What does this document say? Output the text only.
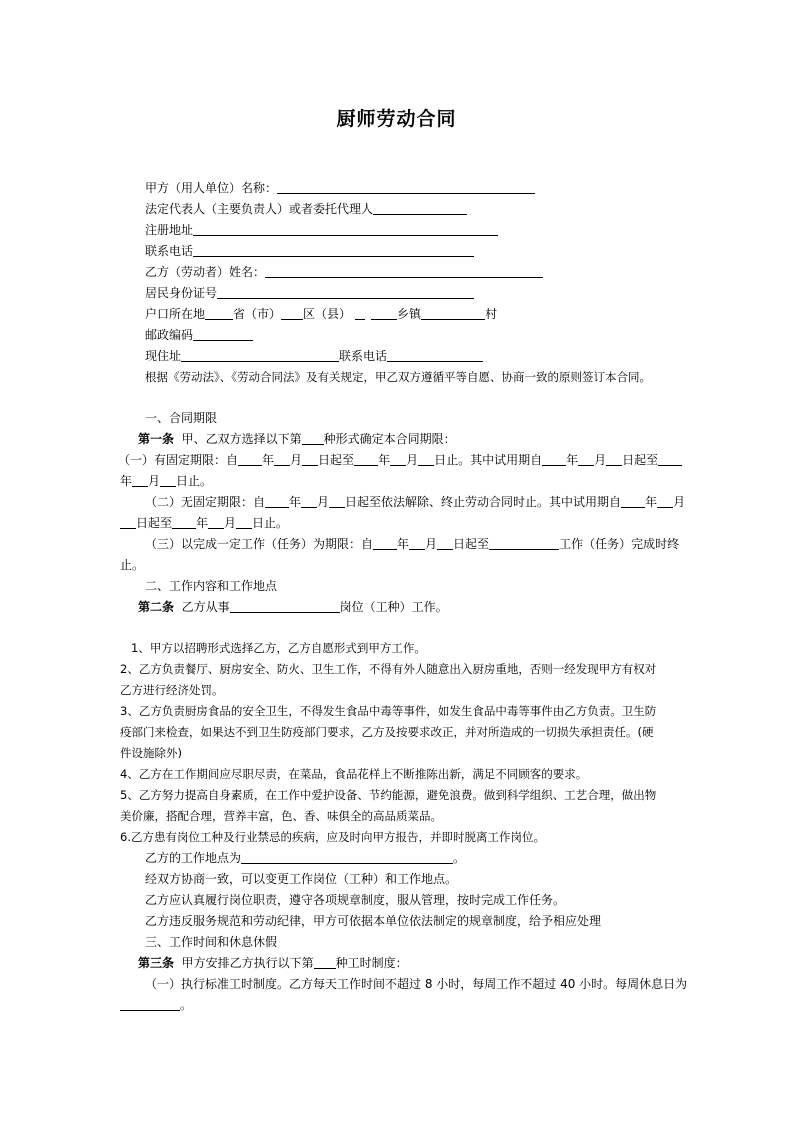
厨师劳动合同
甲方（用人单位）名称：
法定代表人（主要负责人）或者委托代理人
注册地址
联系电话
乙方（劳动者）姓名：
居民身份证号
户口所在地 省（市） 区（县）	乡镇	村
邮政编码
现住址	联系电话
根据《劳动法》、《劳动合同法》及有关规定，甲乙双方遵循平等自愿、协商一致的原则签订本合同。
一、合同期限
第一条 甲、乙双方选择以下第 种形式确定本合同期限：
（一）有固定期限：自 年 月 日起至 年 月 日止。其中试用期自 年 月 日起至
年 月 日止。
（二）无固定期限：自 年 月 日起至依法解除、终止劳动合同时止。其中试用期自 年 月
日起至 年 月 日止。
（三）以完成一定工作（任务）为期限：自 年 月 日起至	工作（任务）完成时终
止。
二、工作内容和工作地点
第二条 乙方从事	岗位（工种）工作。
1、甲方以招聘形式选择乙方，乙方自愿形式到甲方工作。
2、乙方负责餐厅、厨房安全、防火、卫生工作，不得有外人随意出入厨房重地，否则一经发现甲方有权对
乙方进行经济处罚。
3、乙方负责厨房食品的安全卫生，不得发生食品中毒等事件，如发生食品中毒等事件由乙方负责。卫生防
疫部门来检查，如果达不到卫生防疫部门要求，乙方及按要求改正，并对所造成的一切损失承担责任。(硬
件设施除外)
4、乙方在工作期间应尽职尽责，在菜品，食品花样上不断推陈出新，满足不同顾客的要求。
5、乙方努力提高自身素质，在工作中爱护设备、节约能源，避免浪费。做到科学组织、工艺合理，做出物
美价廉，搭配合理，营养丰富，色、香、味俱全的高品质菜品。
6.乙方患有岗位工种及行业禁忌的疾病，应及时向甲方报告，并即时脱离工作岗位。
乙方的工作地点为	。
经双方协商一致，可以变更工作岗位（工种）和工作地点。
乙方应认真履行岗位职责，遵守各项规章制度，服从管理，按时完成工作任务。
乙方违反服务规范和劳动纪律，甲方可依据本单位依法制定的规章制度，给予相应处理
三、工作时间和休息休假
第三条 甲方安排乙方执行以下第 种工时制度：
（一）执行标准工时制度。乙方每天工作时间不超过 8 小时，每周工作不超过 40 小时。每周休息日为
。
